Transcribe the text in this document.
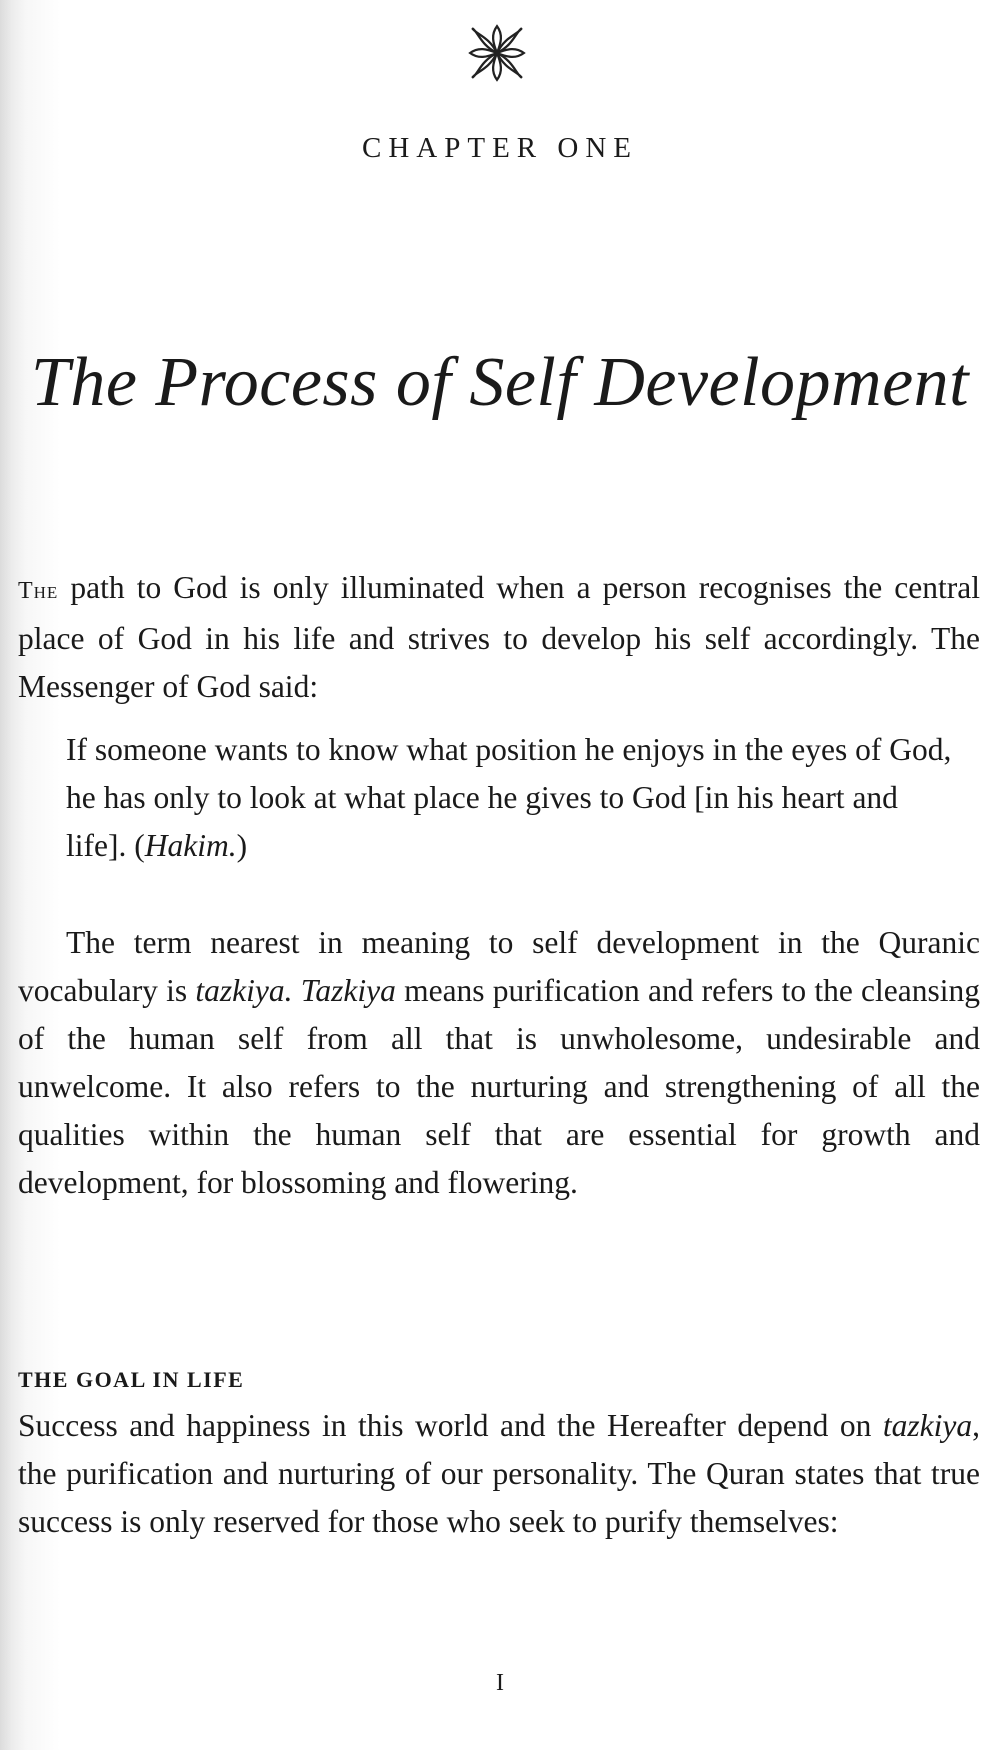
CHAPTER ONE
The Process of Self Development

The path to God is only illuminated when a person recognises the central place of God in his life and strives to develop his self accordingly. The Messenger of God said:

If someone wants to know what position he enjoys in the eyes of God, he has only to look at what place he gives to God [in his heart and life]. (Hakim.)

The term nearest in meaning to self development in the Quranic vocabulary is tazkiya. Tazkiya means purification and refers to the cleansing of the human self from all that is unwholesome, undesirable and unwelcome. It also refers to the nurturing and strengthening of all the qualities within the human self that are essential for growth and development, for blossoming and flowering.

THE GOAL IN LIFE

Success and happiness in this world and the Hereafter depend on tazkiya, the purification and nurturing of our personality. The Quran states that true success is only reserved for those who seek to purify themselves:

I
